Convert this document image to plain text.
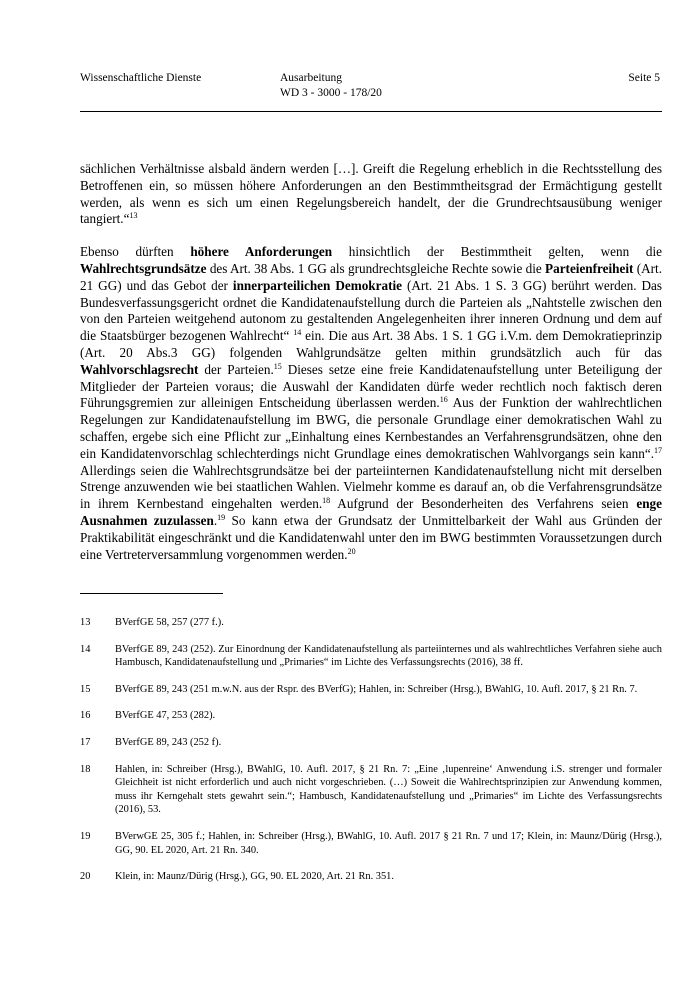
Wissenschaftliche Dienste	Ausarbeitung
WD 3 - 3000 - 178/20
Seite 5

sächlichen Verhältnisse alsbald ändern werden […]. Greift die Regelung erheblich in die Rechtsstellung des Betroffenen ein, so müssen höhere Anforderungen an den Bestimmtheitsgrad der Ermächtigung gestellt werden, als wenn es sich um einen Regelungsbereich handelt, der die Grundrechtsausübung weniger tangiert.“$^{13}$

Ebenso dürften höhere Anforderungen hinsichtlich der Bestimmtheit gelten, wenn die Wahlrechtsgrundsätze des Art. 38 Abs. 1 GG als grundrechtsgleiche Rechte sowie die Parteienfreiheit (Art. 21 GG) und das Gebot der innerparteilichen Demokratie (Art. 21 Abs. 1 S. 3 GG) berührt werden. Das Bundesverfassungsgericht ordnet die Kandidatenaufstellung durch die Parteien als „Nahtstelle zwischen den von den Parteien weitgehend autonom zu gestaltenden Angelegenheiten ihrer inneren Ordnung und dem auf die Staatsbürger bezogenen Wahlrecht“ $^{14}$ ein. Die aus Art. 38 Abs. 1 S. 1 GG i.V.m. dem Demokratieprinzip (Art. 20 Abs.3 GG) folgenden Wahlgrundsätze gelten mithin grundsätzlich auch für das Wahlvorschlagsrecht der Parteien.$^{15}$ Dieses setze eine freie Kandidatenaufstellung unter Beteiligung der Mitglieder der Parteien voraus; die Auswahl der Kandidaten dürfe weder rechtlich noch faktisch deren Führungsgremien zur alleinigen Entscheidung überlassen werden.$^{16}$ Aus der Funktion der wahlrechtlichen Regelungen zur Kandidatenaufstellung im BWG, die personale Grundlage einer demokratischen Wahl zu schaffen, ergebe sich eine Pflicht zur „Einhaltung eines Kernbestandes an Verfahrensgrundsätzen, ohne den ein Kandidatenvorschlag schlechterdings nicht Grundlage eines demokratischen Wahlvorgangs sein kann“.$^{17}$ Allerdings seien die Wahlrechtsgrundsätze bei der parteiinternen Kandidatenaufstellung nicht mit derselben Strenge anzuwenden wie bei staatlichen Wahlen. Vielmehr komme es darauf an, ob die Verfahrensgrundsätze in ihrem Kernbestand eingehalten werden.$^{18}$ Aufgrund der Besonderheiten des Verfahrens seien enge Ausnahmen zuzulassen.$^{19}$ So kann etwa der Grundsatz der Unmittelbarkeit der Wahl aus Gründen der Praktikabilität eingeschränkt und die Kandidatenwahl unter den im BWG bestimmten Voraussetzungen durch eine Vertreterversammlung vorgenommen werden.$^{20}$

13 BVerfGE 58, 257 (277 f.).
14 BVerfGE 89, 243 (252). Zur Einordnung der Kandidatenaufstellung als parteiinternes und als wahlrechtliches Verfahren siehe auch Hambusch, Kandidatenaufstellung und „Primaries“ im Lichte des Verfassungsrechts (2016), 38 ff.
15 BVerfGE 89, 243 (251 m.w.N. aus der Rspr. des BVerfG); Hahlen, in: Schreiber (Hrsg.), BWahlG, 10. Aufl. 2017, § 21 Rn. 7.
16 BVerfGE 47, 253 (282).
17 BVerfGE 89, 243 (252 f).
18 Hahlen, in: Schreiber (Hrsg.), BWahlG, 10. Aufl. 2017, § 21 Rn. 7: „Eine ‚lupenreine‘ Anwendung i.S. strenger und formaler Gleichheit ist nicht erforderlich und auch nicht vorgeschrieben. (…) Soweit die Wahlrechtsprinzipien zur Anwendung kommen, muss ihr Kerngehalt stets gewahrt sein.“; Hambusch, Kandidatenaufstellung und „Primaries“ im Lichte des Verfassungsrechts (2016), 53.
19 BVerwGE 25, 305 f.; Hahlen, in: Schreiber (Hrsg.), BWahlG, 10. Aufl. 2017 § 21 Rn. 7 und 17; Klein, in: Maunz/Dürig (Hrsg.), GG, 90. EL 2020, Art. 21 Rn. 340.
20 Klein, in: Maunz/Dürig (Hrsg.), GG, 90. EL 2020, Art. 21 Rn. 351.
